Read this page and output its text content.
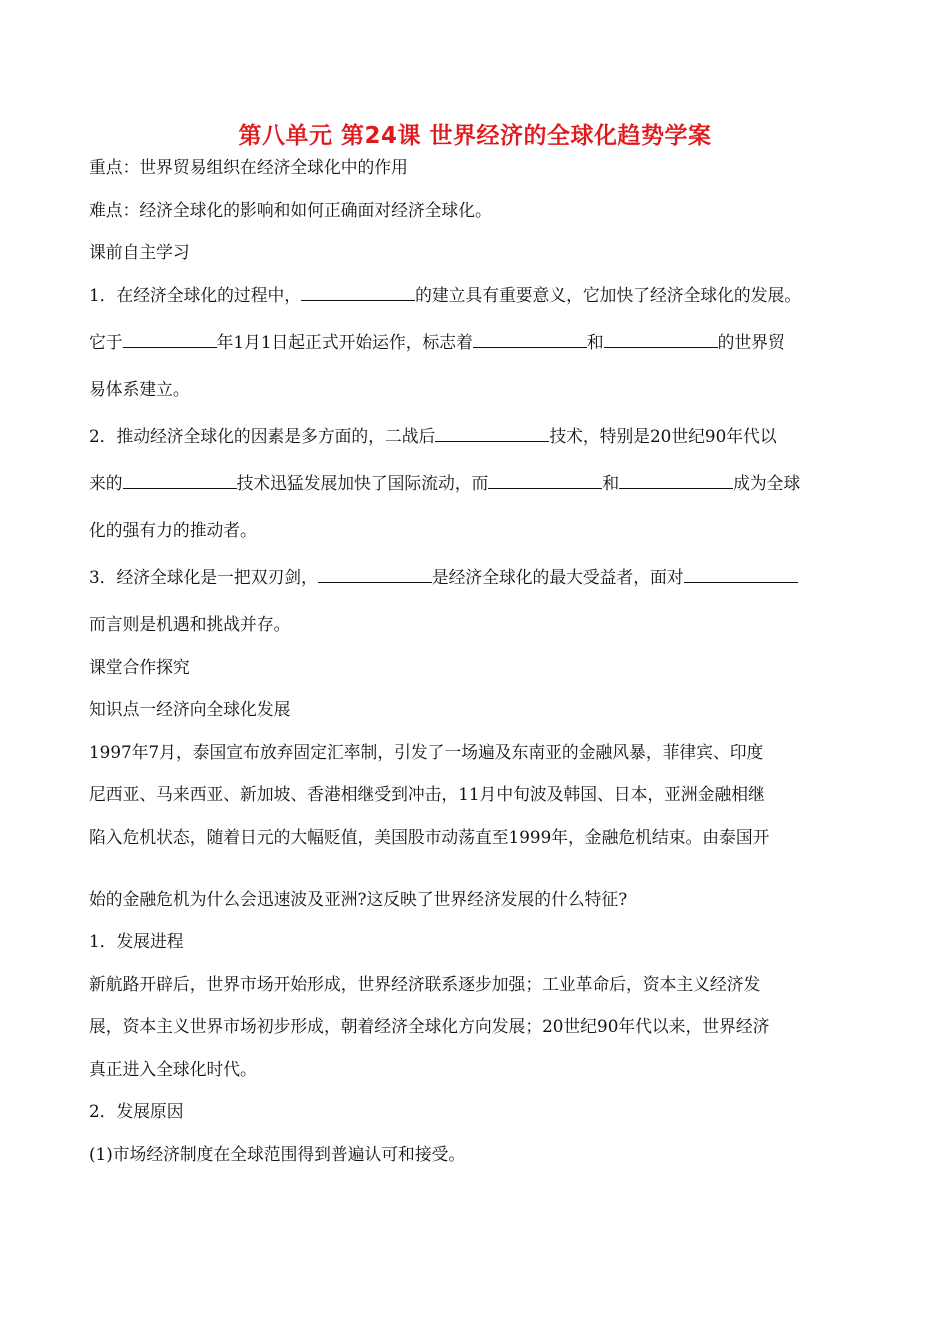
第八单元 第24课 世界经济的全球化趋势学案
重点：世界贸易组织在经济全球化中的作用
难点：经济全球化的影响和如何正确面对经济全球化。
课前自主学习
1．在经济全球化的过程中，	的建立具有重要意义，它加快了经济全球化的发展。
它于	年1月1日起正式开始运作，标志着	和	的世界贸
易体系建立。
2．推动经济全球化的因素是多方面的，二战后	技术，特别是20世纪90年代以
来的	技术迅猛发展加快了国际流动，而	和	成为全球
化的强有力的推动者。
3．经济全球化是一把双刃剑，	是经济全球化的最大受益者，面对
而言则是机遇和挑战并存。
课堂合作探究
知识点一经济向全球化发展
1997年7月，泰国宣布放弃固定汇率制，引发了一场遍及东南亚的金融风暴，菲律宾、印度
尼西亚、马来西亚、新加坡、香港相继受到冲击，11月中旬波及韩国、日本，亚洲金融相继
陷入危机状态，随着日元的大幅贬值，美国股市动荡直至1999年，金融危机结束。由泰国开
始的金融危机为什么会迅速波及亚洲?这反映了世界经济发展的什么特征?
1．发展进程
新航路开辟后，世界市场开始形成，世界经济联系逐步加强；工业革命后，资本主义经济发
展，资本主义世界市场初步形成，朝着经济全球化方向发展；20世纪90年代以来，世界经济
真正进入全球化时代。
2．发展原因
(1)市场经济制度在全球范围得到普遍认可和接受。
